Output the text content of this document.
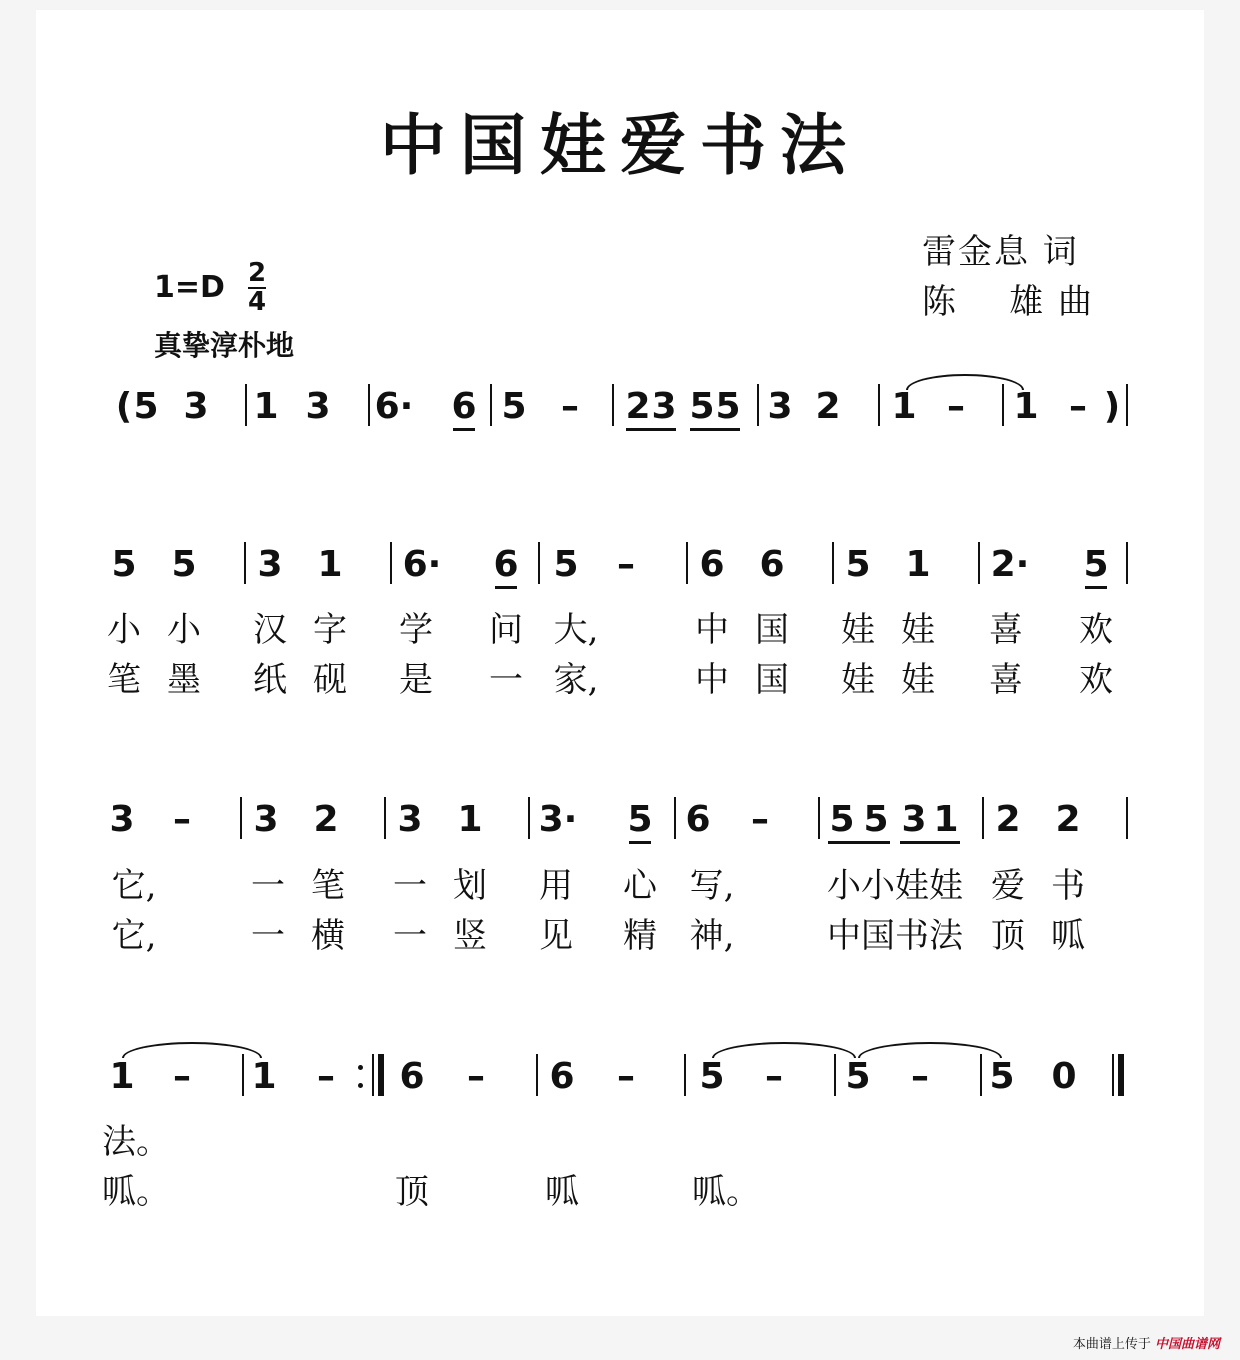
中国娃爱书法
雷金息 词
陈    雄 曲
1=D 2
4
真挚淳朴地
( 5 3 1 3 6· 6 5 – 2 3 5 5 3 2 1 – 1 – )
5 5 3 1 6· 6 5 – 6 6 5 1 2· 5
小 小 汉 字 学 问 大,	中 国 娃 娃 喜 欢
笔 墨 纸 砚 是 一 家,	中 国 娃 娃 喜 欢
3 – 3 2 3 1 3· 5 6 – 5 5 3 1 2 2
它,	一 笔 一 划 用 心 写,	小小娃娃 爱 书
它,	一 横 一 竖 见 精 神,	中国书法 顶 呱
1 – 1 – 6 – 6 – 5 – 5 – 5 0
法。
呱。	顶	呱	呱。
本曲谱上传于 中国曲谱网
